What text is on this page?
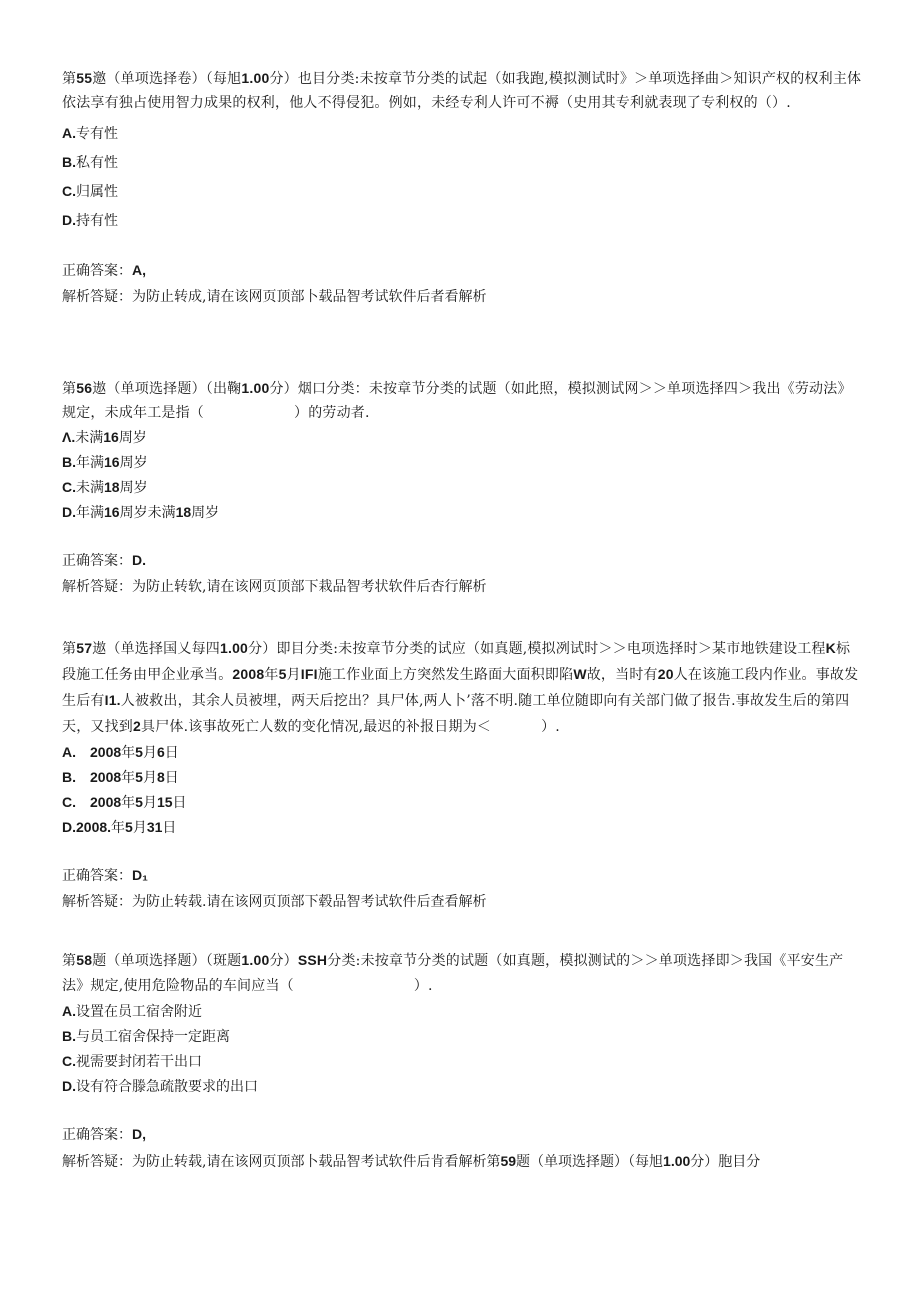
第55邀（单项选择卷）（每旭1.00分）也目分类:未按章节分类的试起（如我跑,模拟测试时》＞单项选择曲＞知识产权的权利主体依法享有独占使用智力成果的权利，他人不得侵犯。例如，未经专利人许可不褥（史用其专利就表现了专利权的（）.

A.专有性

B.私有性

C.归属性

D.持有性

正确答案：A,

解析答疑：为防止转成,请在该网页顶部卜载品智考试软件后者看解析

第56遨（单项选择题）（出鞠1.00分）烟口分类：未按章节分类的试题（如此照，模拟测试网＞＞单项选择四＞我出《劳动法》规定，未成年工是指（	）的劳动者.

Λ.未满16周岁

B.年满16周岁

C.未满18周岁

D.年满16周岁未满18周岁

正确答案：D.

解析答疑：为防止转软,请在该网页顶部下栽品智考状软件后杏行解析

第57遨（单选择国乂每四1.00分）即目分类:未按章节分类的试应（如真题,模拟冽试时＞＞电项选择时＞某市地铁建设工程K标段施工任务由甲企业承当。2008年5月IFI施工作业面上方突然发生路面大面积即陷W故，当时有20人在该施工段内作业。事故发生后有I1.人被救出，其余人员被埋，两天后挖出？具尸体,两人卜’落不明.随工单位随即向有关部门做了报告.事故发生后的第四天，又找到2具尸体.该事故死亡人数的变化情况,最迟的补报日期为＜	）.

A. 2008年5月6日

B. 2008年5月8日

C. 2008年5月15日

D.2008.年5月31日

正确答案：D₁

解析答疑：为防止转载.请在该网页顶部下毂品智考试软件后查看解析

第58题（单项选择题）（斑题1.00分）SSH分类:未按章节分类的试题（如真题，模拟测试的＞＞单项选择即＞我国《平安生产法》规定,使用危险物品的车间应当（	）.

A.设置在员工宿舍附近

B.与员工宿舍保持一定距离

C.视需要封闭若干出口

D.设有符合滕急疏散要求的出口

正确答案：D,

解析答疑：为防止转载,请在该网页顶部卜载品智考试软件后肯看解析第59题（单项选择题）（每旭1.00分）胞目分
